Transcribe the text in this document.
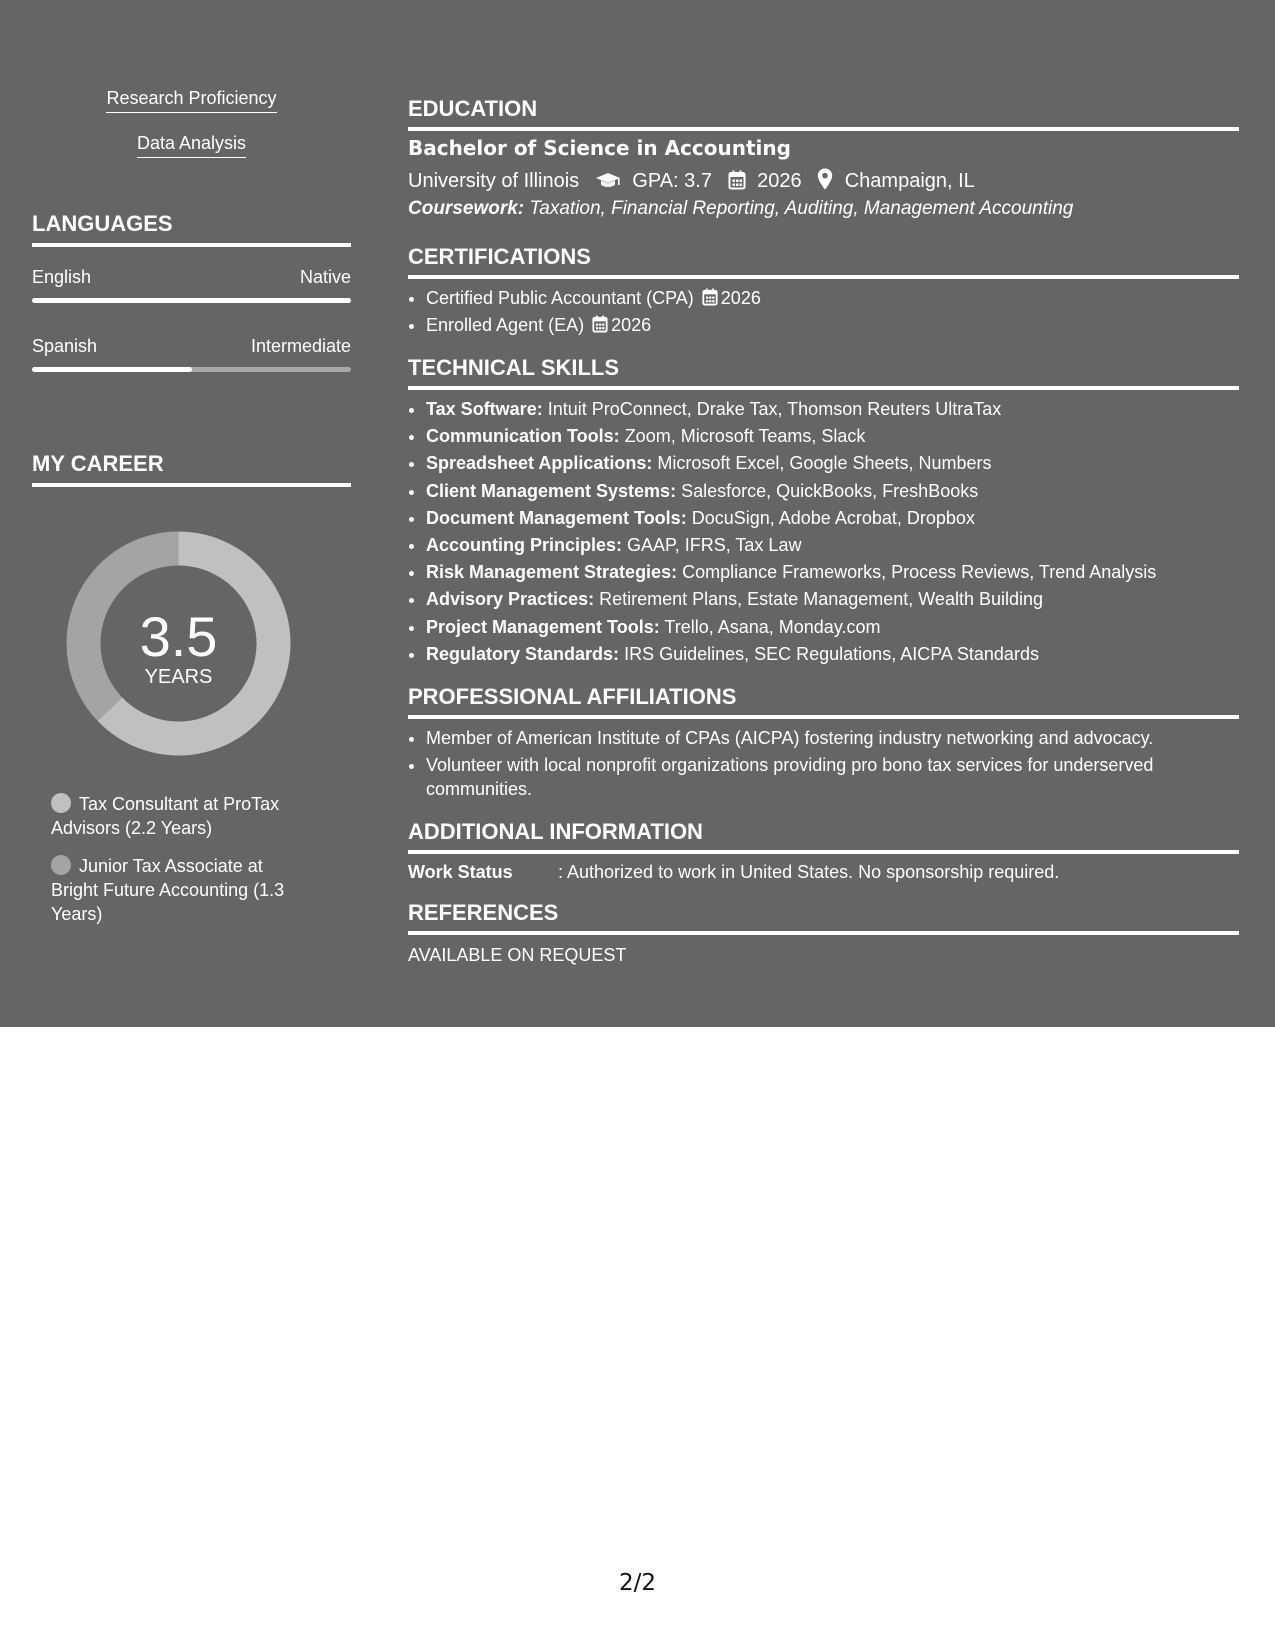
Research Proficiency
Data Analysis
LANGUAGES
English	Native
Spanish	Intermediate
MY CAREER
3.5
YEARS
Tax Consultant at ProTax Advisors (2.2 Years)
Junior Tax Associate at Bright Future Accounting (1.3 Years)
EDUCATION
Bachelor of Science in Accounting
University of Illinois	GPA: 3.7 2026 Champaign, IL
Coursework: Taxation, Financial Reporting, Auditing, Management Accounting
CERTIFICATIONS
• Certified Public Accountant (CPA) 2026
• Enrolled Agent (EA) 2026
TECHNICAL SKILLS
• Tax Software: Intuit ProConnect, Drake Tax, Thomson Reuters UltraTax
• Communication Tools: Zoom, Microsoft Teams, Slack
• Spreadsheet Applications: Microsoft Excel, Google Sheets, Numbers
• Client Management Systems: Salesforce, QuickBooks, FreshBooks
• Document Management Tools: DocuSign, Adobe Acrobat, Dropbox
• Accounting Principles: GAAP, IFRS, Tax Law
• Risk Management Strategies: Compliance Frameworks, Process Reviews, Trend Analysis
• Advisory Practices: Retirement Plans, Estate Management, Wealth Building
• Project Management Tools: Trello, Asana, Monday.com
• Regulatory Standards: IRS Guidelines, SEC Regulations, AICPA Standards
PROFESSIONAL AFFILIATIONS
• Member of American Institute of CPAs (AICPA) fostering industry networking and advocacy.
• Volunteer with local nonprofit organizations providing pro bono tax services for underserved communities.
ADDITIONAL INFORMATION
Work Status	: Authorized to work in United States. No sponsorship required.
REFERENCES
AVAILABLE ON REQUEST
2/2
